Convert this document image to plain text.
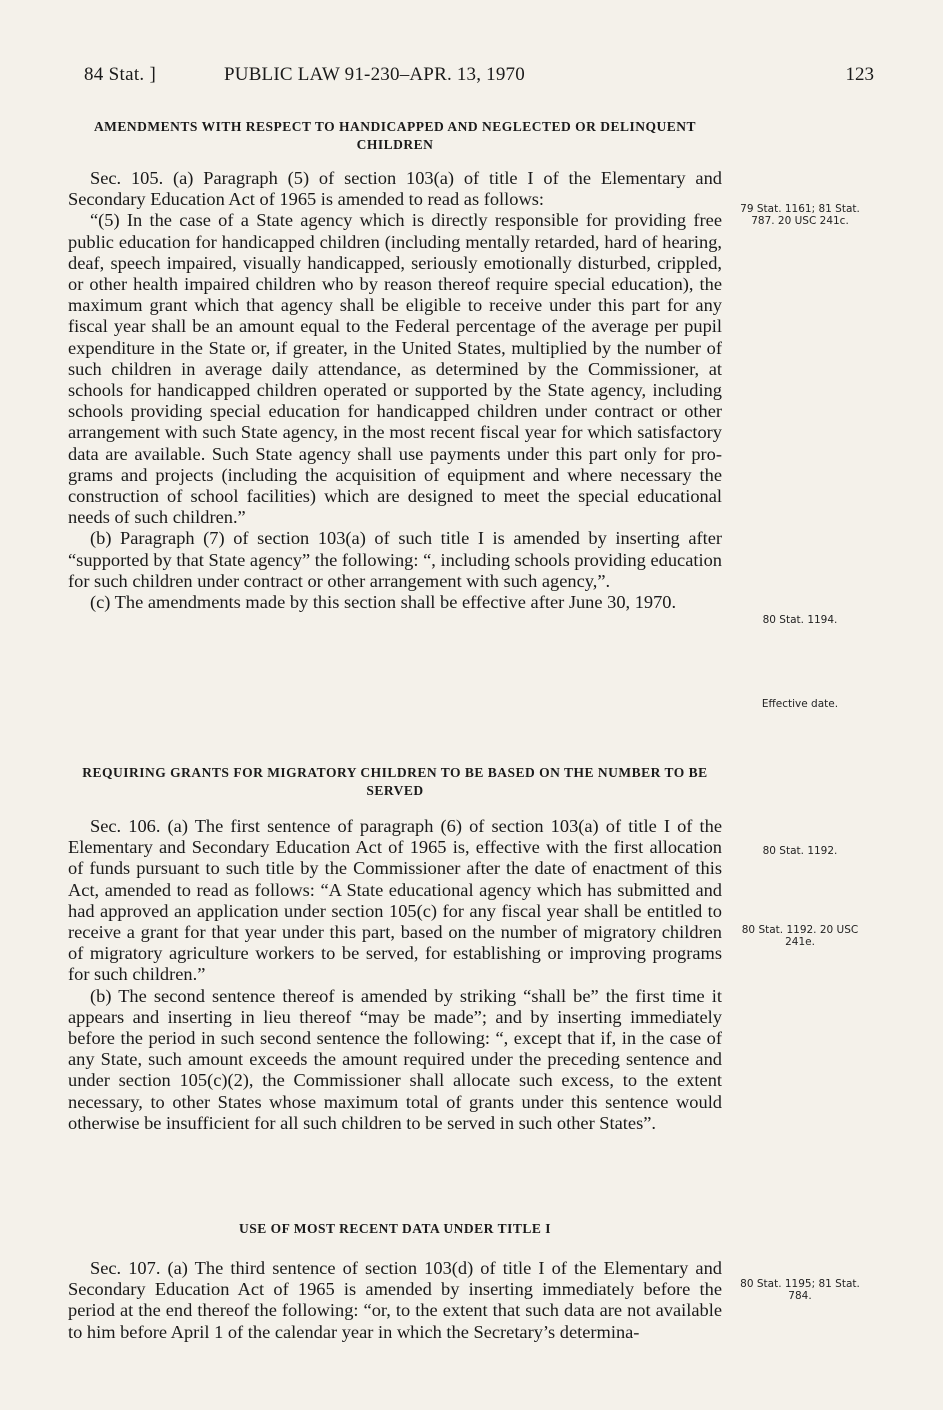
84 Stat. ]	PUBLIC LAW 91-230–APR. 13, 1970	123
AMENDMENTS WITH RESPECT TO HANDICAPPED AND NEGLECTED OR DELINQUENT CHILDREN

Sec. 105. (a) Paragraph (5) of section 103(a) of title I of the Elementary and Secondary Education Act of 1965 is amended to read as follows:

“(5) In the case of a State agency which is directly responsible for providing free public education for handicapped children (including mentally retarded, hard of hearing, deaf, speech impaired, visually handicapped, seriously emotionally disturbed, crippled, or other health impaired children who by reason thereof require special education), the maximum grant which that agency shall be eligible to receive under this part for any fiscal year shall be an amount equal to the Federal percentage of the average per pupil expenditure in the State or, if greater, in the United States, multiplied by the number of such children in average daily attendance, as determined by the Commissioner, at schools for handicapped children operated or supported by the State agency, including schools providing special education for handicapped children under contract or other arrangement with such State agency, in the most recent fiscal year for which satisfactory data are available. Such State agency shall use payments under this part only for programs and projects (including the acquisition of equipment and where necessary the construction of school facilities) which are designed to meet the special educational needs of such children.”

(b) Paragraph (7) of section 103(a) of such title I is amended by inserting after “supported by that State agency” the following: “, including schools providing education for such children under contract or other arrangement with such agency,”.

(c) The amendments made by this section shall be effective after June 30, 1970.

REQUIRING GRANTS FOR MIGRATORY CHILDREN TO BE BASED ON THE NUMBER TO BE SERVED

Sec. 106. (a) The first sentence of paragraph (6) of section 103(a) of title I of the Elementary and Secondary Education Act of 1965 is, effective with the first allocation of funds pursuant to such title by the Commissioner after the date of enactment of this Act, amended to read as follows: “A State educational agency which has submitted and had approved an application under section 105(c) for any fiscal year shall be entitled to receive a grant for that year under this part, based on the number of migratory children of migratory agriculture workers to be served, for establishing or improving programs for such children.”

(b) The second sentence thereof is amended by striking “shall be” the first time it appears and inserting in lieu thereof “may be made”; and by inserting immediately before the period in such second sentence the following: “, except that if, in the case of any State, such amount exceeds the amount required under the preceding sentence and under section 105(c)(2), the Commissioner shall allocate such excess, to the extent necessary, to other States whose maximum total of grants under this sentence would otherwise be insufficient for all such children to be served in such other States”.

USE OF MOST RECENT DATA UNDER TITLE I

Sec. 107. (a) The third sentence of section 103(d) of title I of the Elementary and Secondary Education Act of 1965 is amended by inserting immediately before the period at the end thereof the following: “or, to the extent that such data are not available to him before April 1 of the calendar year in which the Secretary’s determina-

79 Stat. 1161; 81 Stat. 787. 20 USC 241c.
80 Stat. 1194.
Effective date.
80 Stat. 1192.
80 Stat. 1192. 20 USC 241e.
80 Stat. 1195; 81 Stat. 784.
